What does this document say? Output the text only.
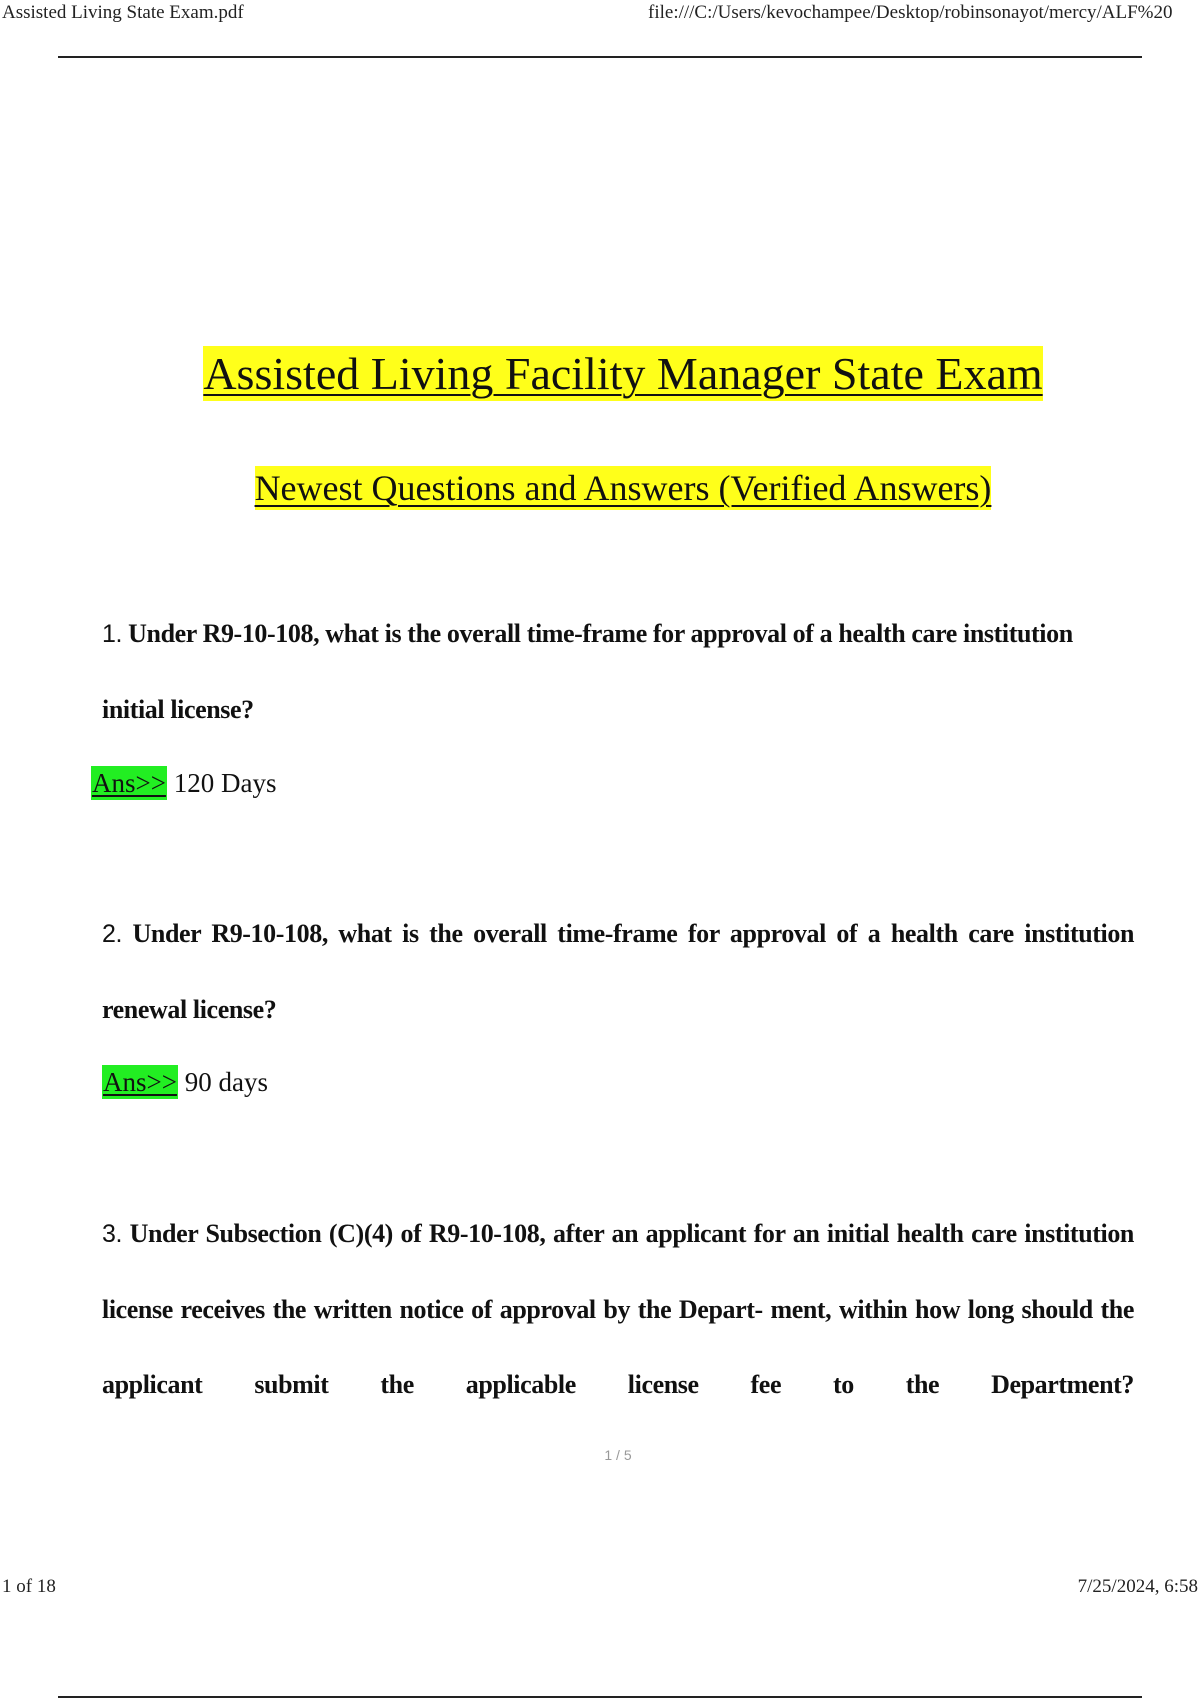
Assisted Living State Exam.pdf	file:///C:/Users/kevochampee/Desktop/robinsonayot/mercy/ALF%20
Assisted Living Facility Manager State Exam
Newest Questions and Answers (Verified Answers)
1. Under R9-10-108, what is the overall time-frame for approval of a health care institution initial license?
Ans>> 120 Days
2. Under R9-10-108, what is the overall time-frame for approval of a health care institution renewal license?
Ans>> 90 days
3. Under Subsection (C)(4) of R9-10-108, after an applicant for an initial health care institution license receives the written notice of approval by the Depart- ment, within how long should the applicant submit the applicable license fee to the Department?
1 / 5
1 of 18	7/25/2024, 6:58
